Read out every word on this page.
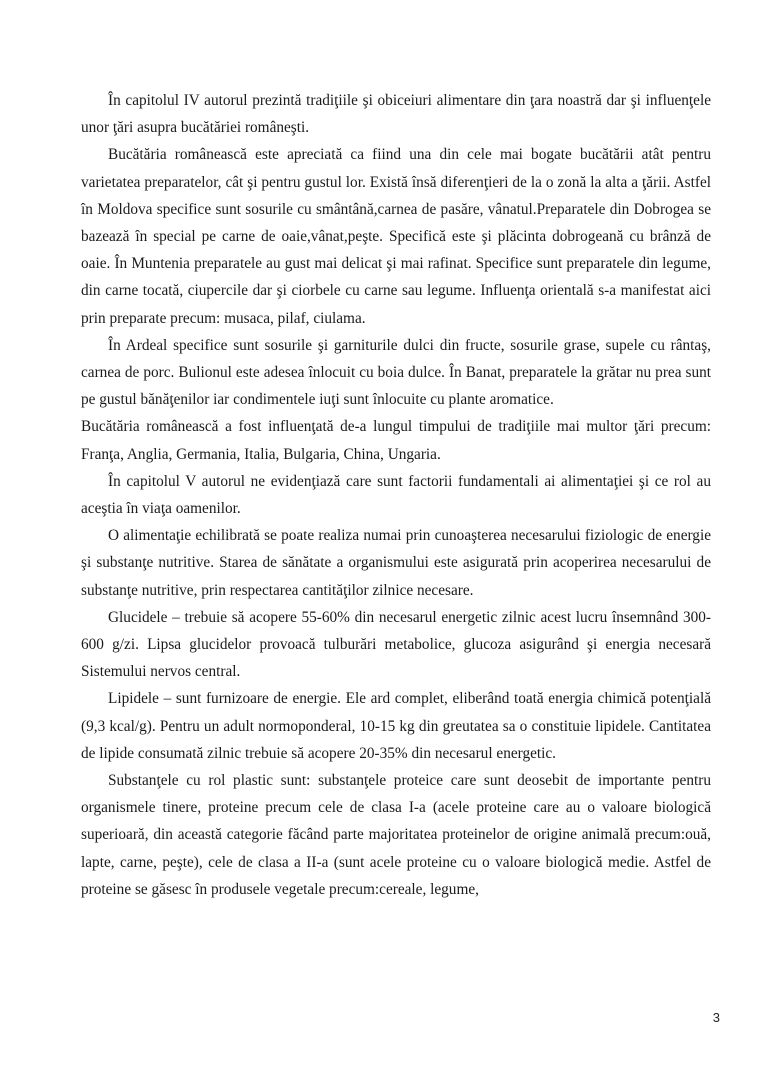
În capitolul IV autorul prezintă tradiţiile şi obiceiuri alimentare din ţara noastră dar şi influenţele unor ţări asupra bucătăriei româneşti.

Bucătăria românească este apreciată ca fiind una din cele mai bogate bucătării atât pentru varietatea preparatelor, cât şi pentru gustul lor. Există însă diferenţieri de la o zonă la alta a ţării. Astfel în Moldova specifice sunt sosurile cu smântână,carnea de pasăre, vânatul.Preparatele din Dobrogea se bazează în special pe carne de oaie,vânat,peşte. Specifică este şi plăcinta dobrogeană cu brânză de oaie. În Muntenia preparatele au gust mai delicat şi mai rafinat. Specifice sunt preparatele din legume, din carne tocată, ciupercile dar şi ciorbele cu carne sau legume. Influenţa orientală s-a manifestat aici prin preparate precum: musaca, pilaf, ciulama.

În Ardeal specifice sunt sosurile şi garniturile dulci din fructe, sosurile grase, supele cu rântaş, carnea de porc. Bulionul este adesea înlocuit cu boia dulce. În Banat, preparatele la grătar nu prea sunt pe gustul bănăţenilor iar condimentele iuţi sunt înlocuite cu plante aromatice.

Bucătăria românească a fost influenţată de-a lungul timpului de tradiţiile mai multor ţări precum: Franţa, Anglia, Germania, Italia, Bulgaria, China, Ungaria.

În capitolul V autorul ne evidenţiază care sunt factorii fundamentali ai alimentaţiei şi ce rol au aceştia în viaţa oamenilor.

O alimentaţie echilibrată se poate realiza numai prin cunoaşterea necesarului fiziologic de energie şi substanţe nutritive. Starea de sănătate a organismului este asigurată prin acoperirea necesarului de substanţe nutritive, prin respectarea cantităţilor zilnice necesare.

Glucidele – trebuie să acopere 55-60% din necesarul energetic zilnic acest lucru însemnând 300-600 g/zi. Lipsa glucidelor provoacă tulburări metabolice, glucoza asigurând şi energia necesară Sistemului nervos central.

Lipidele – sunt furnizoare de energie. Ele ard complet, eliberând toată energia chimică potenţială (9,3 kcal/g). Pentru un adult normoponderal, 10-15 kg din greutatea sa o constituie lipidele. Cantitatea de lipide consumată zilnic trebuie să acopere 20-35% din necesarul energetic.

Substanţele cu rol plastic sunt: substanţele proteice care sunt deosebit de importante pentru organismele tinere, proteine precum cele de clasa I-a (acele proteine care au o valoare biologică superioară, din această categorie făcând parte majoritatea proteinelor de origine animală precum:ouă, lapte, carne, peşte), cele de clasa a II-a (sunt acele proteine cu o valoare biologică medie. Astfel de proteine se găsesc în produsele vegetale precum:cereale, legume,

3
